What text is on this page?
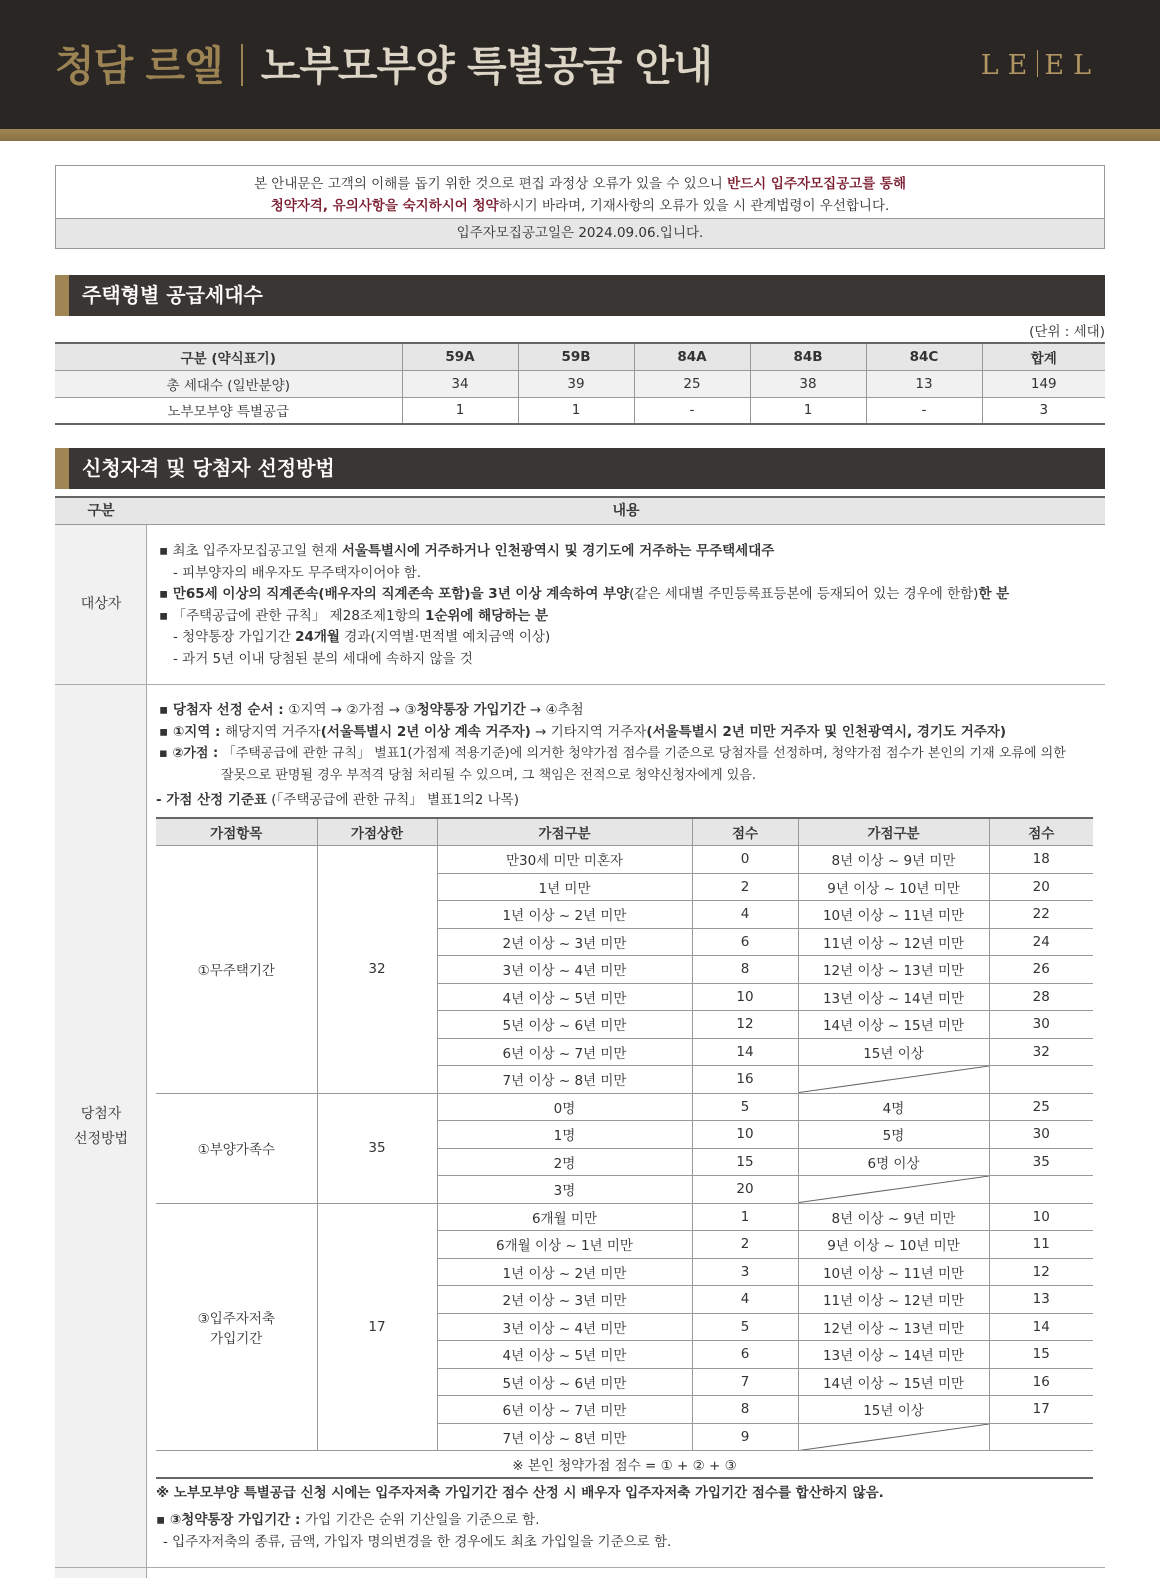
청담 르엘 노부모부양 특별공급 안내	LE EL
본 안내문은 고객의 이해를 돕기 위한 것으로 편집 과정상 오류가 있을 수 있으니 반드시 입주자모집공고를 통해
청약자격, 유의사항을 숙지하시어 청약하시기 바라며, 기재사항의 오류가 있을 시 관계법령이 우선합니다.
입주자모집공고일은 2024.09.06.입니다.
주택형별 공급세대수
(단위 : 세대)
구분 (약식표기)	59A	59B	84A	84B	84C	합계
총 세대수 (일반분양)	34	39	25	38	13	149
노부모부양 특별공급	1	1	-	1	-	3
신청자격 및 당첨자 선정방법
구분	내용
대상자
▪ 최초 입주자모집공고일 현재 서울특별시에 거주하거나 인천광역시 및 경기도에 거주하는 무주택세대주
- 피부양자의 배우자도 무주택자이어야 함.
▪ 만65세 이상의 직계존속(배우자의 직계존속 포함)을 3년 이상 계속하여 부양(같은 세대별 주민등록표등본에 등재되어 있는 경우에 한함)한 분
▪ 「주택공급에 관한 규칙」 제28조제1항의 1순위에 해당하는 분
- 청약통장 가입기간 24개월 경과(지역별·면적별 예치금액 이상)
- 과거 5년 이내 당첨된 분의 세대에 속하지 않을 것
당첨자
선정방법
▪ 당첨자 선정 순서 : ①지역 → ②가점 → ③청약통장 가입기간 → ④추첨
▪ ①지역 : 해당지역 거주자(서울특별시 2년 이상 계속 거주자) → 기타지역 거주자(서울특별시 2년 미만 거주자 및 인천광역시, 경기도 거주자)
▪ ②가점 : 「주택공급에 관한 규칙」 별표1(가점제 적용기준)에 의거한 청약가점 점수를 기준으로 당첨자를 선정하며, 청약가점 점수가 본인의 기재 오류에 의한
잘못으로 판명될 경우 부적격 당첨 처리될 수 있으며, 그 책임은 전적으로 청약신청자에게 있음.
- 가점 산정 기준표 (「주택공급에 관한 규칙」 별표1의2 나목)
가점항목	가점상한	가점구분	점수	가점구분	점수

①무주택기간	32	만30세 미만 미혼자	0	8년 이상 ~ 9년 미만	18
		1년 미만	2	9년 이상 ~ 10년 미만	20
		1년 이상 ~ 2년 미만	4	10년 이상 ~ 11년 미만	22
		2년 이상 ~ 3년 미만	6	11년 이상 ~ 12년 미만	24
		3년 이상 ~ 4년 미만	8	12년 이상 ~ 13년 미만	26
		4년 이상 ~ 5년 미만	10	13년 이상 ~ 14년 미만	28
		5년 이상 ~ 6년 미만	12	14년 이상 ~ 15년 미만	30
		6년 이상 ~ 7년 미만	14	15년 이상	32
		7년 이상 ~ 8년 미만	16	

①부양가족수	35	0명	5	4명	25
		1명	10	5명	30
		2명	15	6명 이상	35
		3명	20	

③입주자저축
가입기간	17	6개월 미만	1	8년 이상 ~ 9년 미만	10
		6개월 이상 ~ 1년 미만	2	9년 이상 ~ 10년 미만	11
		1년 이상 ~ 2년 미만	3	10년 이상 ~ 11년 미만	12
		2년 이상 ~ 3년 미만	4	11년 이상 ~ 12년 미만	13
		3년 이상 ~ 4년 미만	5	12년 이상 ~ 13년 미만	14
		4년 이상 ~ 5년 미만	6	13년 이상 ~ 14년 미만	15
		5년 이상 ~ 6년 미만	7	14년 이상 ~ 15년 미만	16
		6년 이상 ~ 7년 미만	8	15년 이상	17
		7년 이상 ~ 8년 미만	9	

※ 본인 청약가점 점수 = ① + ② + ③					
※ 노부모부양 특별공급 신청 시에는 입주자저축 가입기간 점수 산정 시 배우자 입주자저축 가입기간 점수를 합산하지 않음.
▪ ③청약통장 가입기간 : 가입 기간은 순위 기산일을 기준으로 함.
- 입주자저축의 종류, 금액, 가입자 명의변경을 한 경우에도 최초 가입일을 기준으로 함.
